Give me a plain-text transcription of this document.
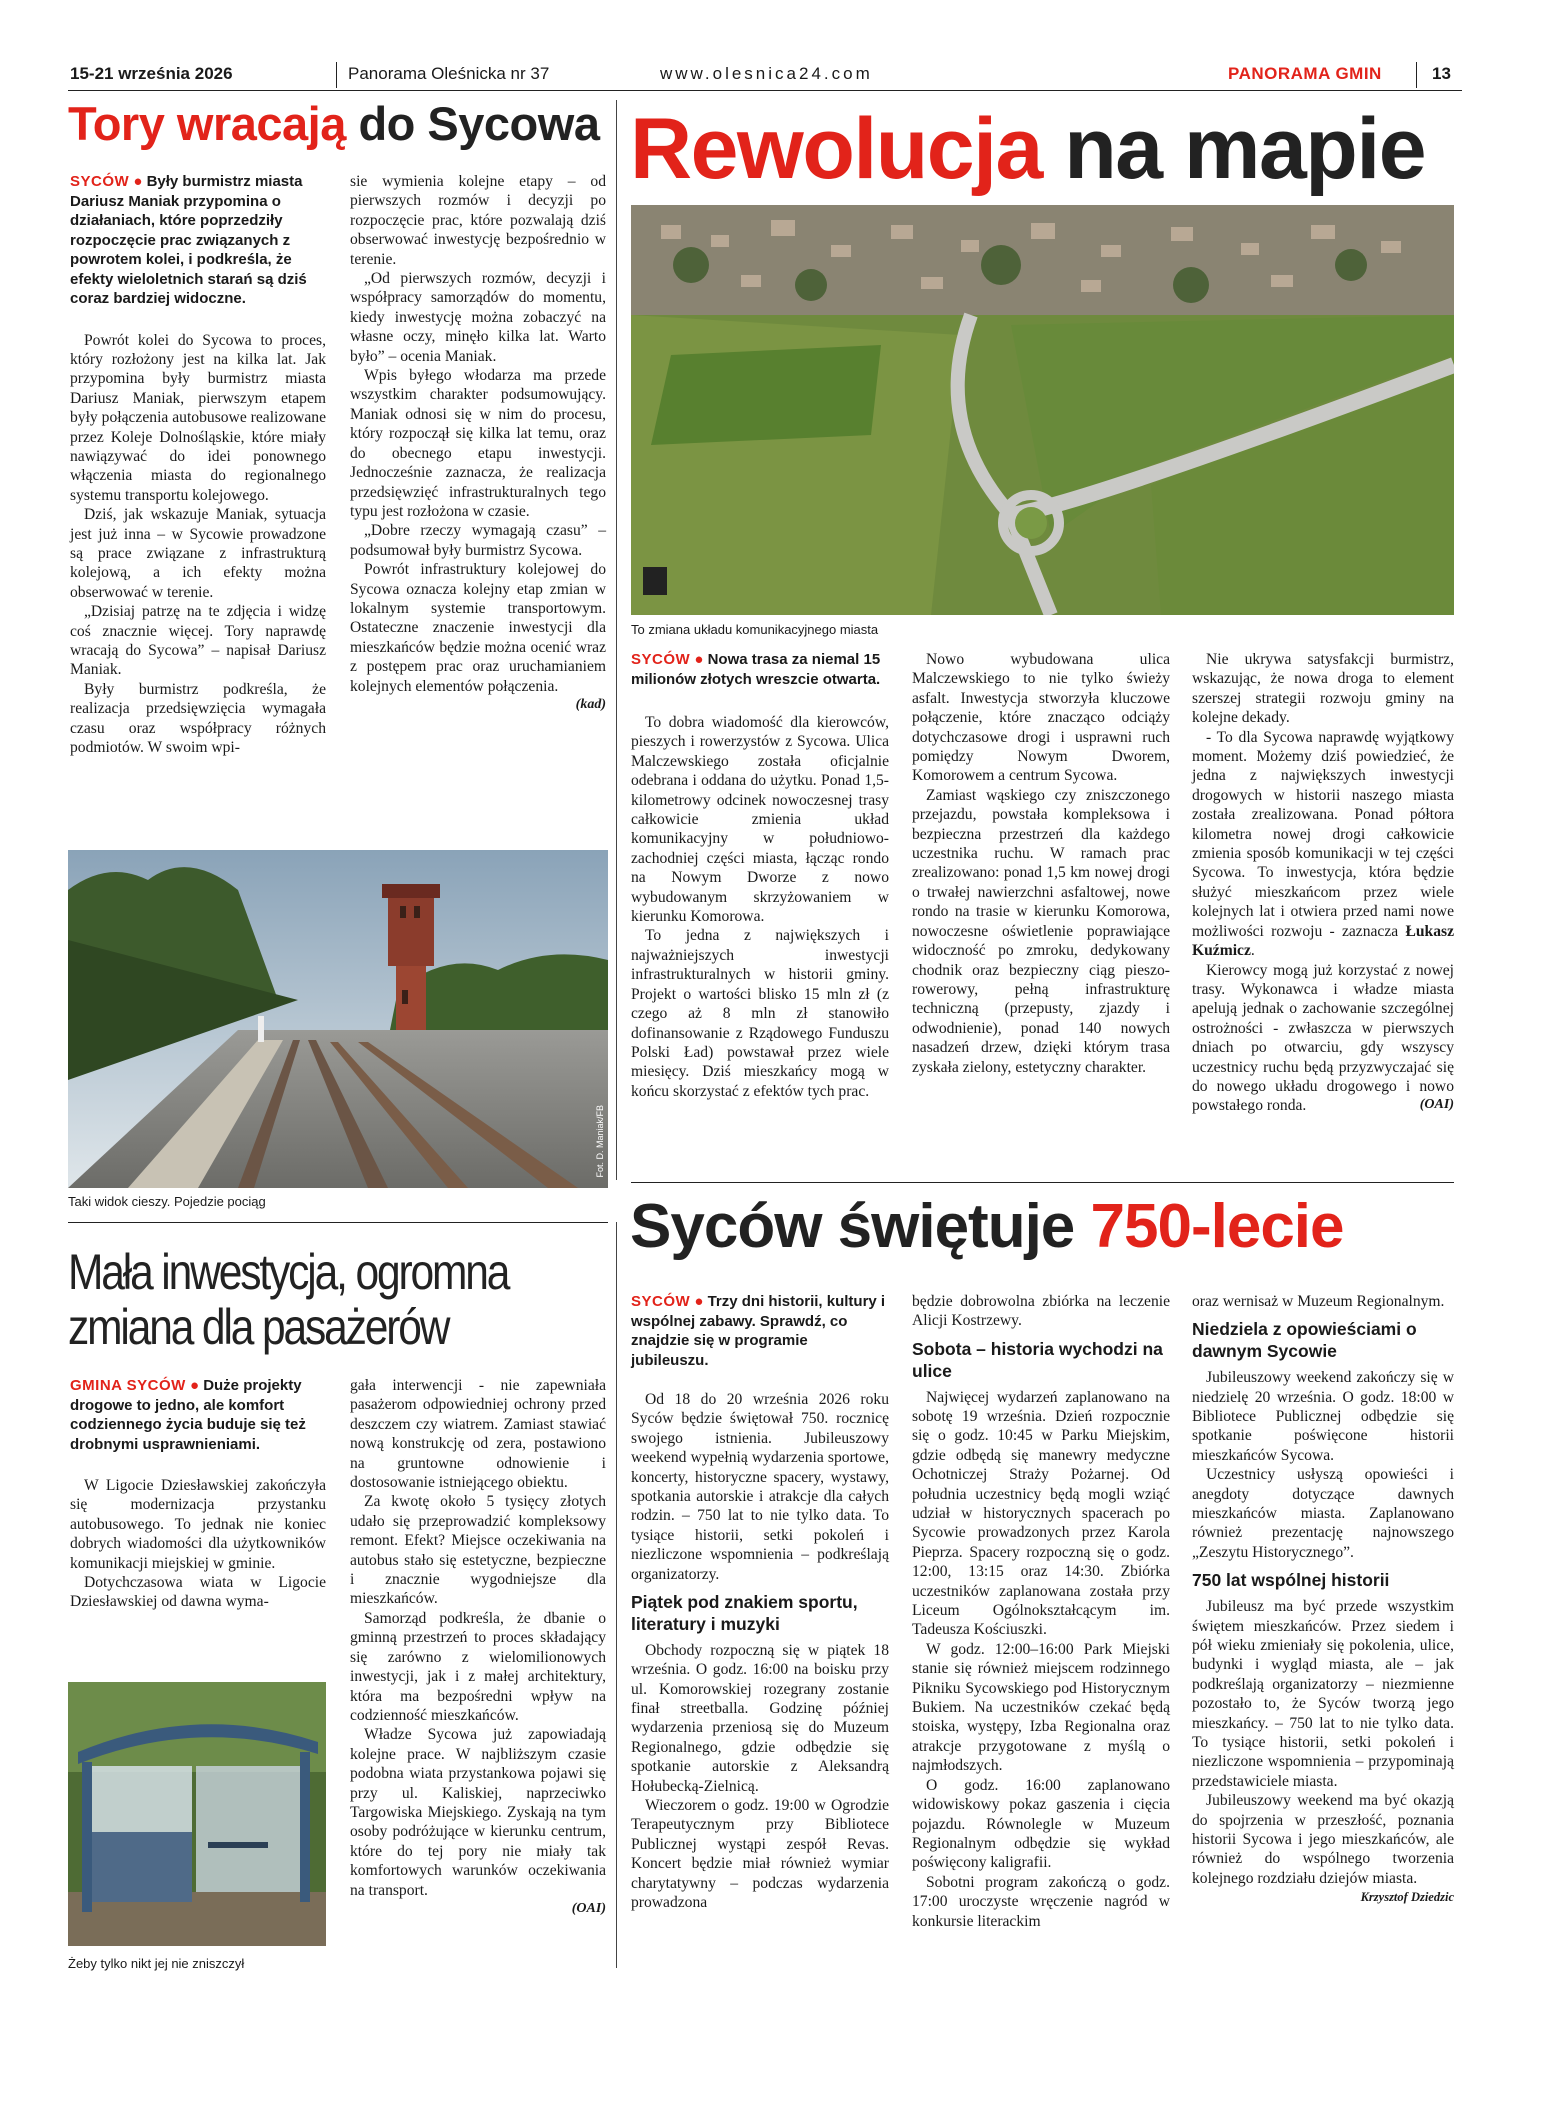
15-21 września 2026	Panorama Oleśnicka nr 37	www.olesnica24.com	PANORAMA GMIN	13
Tory wracają do Sycowa

SYCÓW ● Były burmistrz miasta Dariusz Maniak przypomina o działaniach, które poprzedziły rozpoczęcie prac związanych z powrotem kolei, i podkreśla, że efekty wieloletnich starań są dziś coraz bardziej widoczne.

Powrót kolei do Sycowa to proces, który rozłożony jest na kilka lat. Jak przypomina były burmistrz miasta Dariusz Maniak, pierwszym etapem były połączenia autobusowe realizowane przez Koleje Dolnośląskie, które miały nawiązywać do idei ponownego włączenia miasta do regionalnego systemu transportu kolejowego.

Dziś, jak wskazuje Maniak, sytuacja jest już inna – w Sycowie prowadzone są prace związane z infrastrukturą kolejową, a ich efekty można obserwować w terenie.

„Dzisiaj patrzę na te zdjęcia i widzę coś znacznie więcej. Tory naprawdę wracają do Sycowa” – napisał Dariusz Maniak.

Były burmistrz podkreśla, że realizacja przedsięwzięcia wymagała czasu oraz współpracy różnych podmiotów. W swoim wpi-

sie wymienia kolejne etapy – od pierwszych rozmów i decyzji po rozpoczęcie prac, które pozwalają dziś obserwować inwestycję bezpośrednio w terenie.

„Od pierwszych rozmów, decyzji i współpracy samorządów do momentu, kiedy inwestycję można zobaczyć na własne oczy, minęło kilka lat. Warto było” – ocenia Maniak.

Wpis byłego włodarza ma przede wszystkim charakter podsumowujący. Maniak odnosi się w nim do procesu, który rozpoczął się kilka lat temu, oraz do obecnego etapu inwestycji. Jednocześnie zaznacza, że realizacja przedsięwzięć infrastrukturalnych tego typu jest rozłożona w czasie.

„Dobre rzeczy wymagają czasu” – podsumował były burmistrz Sycowa.

Powrót infrastruktury kolejowej do Sycowa oznacza kolejny etap zmian w lokalnym systemie transportowym. Ostateczne znaczenie inwestycji dla mieszkańców będzie można ocenić wraz z postępem prac oraz uruchamianiem kolejnych elementów połączenia.

(kad)
Fot. D. Maniak/FB
Taki widok cieszy. Pojedzie pociąg
Rewolucja na mapie
To zmiana układu komunikacyjnego miasta

SYCÓW ● Nowa trasa za niemal 15 milionów złotych wreszcie otwarta.

To dobra wiadomość dla kierowców, pieszych i rowerzystów z Sycowa. Ulica Malczewskiego została oficjalnie odebrana i oddana do użytku. Ponad 1,5-kilometrowy odcinek nowoczesnej trasy całkowicie zmienia układ komunikacyjny w południowo-zachodniej części miasta, łącząc rondo na Nowym Dworze z nowo wybudowanym skrzyżowaniem w kierunku Komorowa.

To jedna z największych i najważniejszych inwestycji infrastrukturalnych w historii gminy. Projekt o wartości blisko 15 mln zł (z czego aż 8 mln zł stanowiło dofinansowanie z Rządowego Funduszu Polski Ład) powstawał przez wiele miesięcy. Dziś mieszkańcy mogą w końcu skorzystać z efektów tych prac.

Nowo wybudowana ulica Malczewskiego to nie tylko świeży asfalt. Inwestycja stworzyła kluczowe połączenie, które znacząco odciąży dotychczasowe drogi i usprawni ruch pomiędzy Nowym Dworem, Komorowem a centrum Sycowa.

Zamiast wąskiego czy zniszczonego przejazdu, powstała kompleksowa i bezpieczna przestrzeń dla każdego uczestnika ruchu. W ramach prac zrealizowano: ponad 1,5 km nowej drogi o trwałej nawierzchni asfaltowej, nowe rondo na trasie w kierunku Komorowa, nowoczesne oświetlenie poprawiające widoczność po zmroku, dedykowany chodnik oraz bezpieczny ciąg pieszo-rowerowy, pełną infrastrukturę techniczną (przepusty, zjazdy i odwodnienie), ponad 140 nowych nasadzeń drzew, dzięki którym trasa zyskała zielony, estetyczny charakter.

Nie ukrywa satysfakcji burmistrz, wskazując, że nowa droga to element szerszej strategii rozwoju gminy na kolejne dekady.

- To dla Sycowa naprawdę wyjątkowy moment. Możemy dziś powiedzieć, że jedna z największych inwestycji drogowych w historii naszego miasta została zrealizowana. Ponad półtora kilometra nowej drogi całkowicie zmienia sposób komunikacji w tej części Sycowa. To inwestycja, która będzie służyć mieszkańcom przez wiele kolejnych lat i otwiera przed nami nowe możliwości rozwoju - zaznacza Łukasz Kuźmicz.

Kierowcy mogą już korzystać z nowej trasy. Wykonawca i władze miasta apelują jednak o zachowanie szczególnej ostrożności - zwłaszcza w pierwszych dniach po otwarciu, gdy wszyscy uczestnicy ruchu będą przyzwyczajać się do nowego układu drogowego i nowo powstałego ronda.	(OAI)
Mała inwestycja, ogromna zmiana dla pasażerów

GMINA SYCÓW ● Duże projekty drogowe to jedno, ale komfort codziennego życia buduje się też drobnymi usprawnieniami.

W Ligocie Dziesławskiej zakończyła się modernizacja przystanku autobusowego. To jednak nie koniec dobrych wiadomości dla użytkowników komunikacji miejskiej w gminie.

Dotychczasowa wiata w Ligocie Dziesławskiej od dawna wyma-

gała interwencji - nie zapewniała pasażerom odpowiedniej ochrony przed deszczem czy wiatrem. Zamiast stawiać nową konstrukcję od zera, postawiono na gruntowne odnowienie i dostosowanie istniejącego obiektu.

Za kwotę około 5 tysięcy złotych udało się przeprowadzić kompleksowy remont. Efekt? Miejsce oczekiwania na autobus stało się estetyczne, bezpieczne i znacznie wygodniejsze dla mieszkańców.

Samorząd podkreśla, że dbanie o gminną przestrzeń to proces składający się zarówno z wielomilionowych inwestycji, jak i z małej architektury, która ma bezpośredni wpływ na codzienność mieszkańców.

Władze Sycowa już zapowiadają kolejne prace. W najbliższym czasie podobna wiata przystankowa pojawi się przy ul. Kaliskiej, naprzeciwko Targowiska Miejskiego. Zyskają na tym osoby podróżujące w kierunku centrum, które do tej pory nie miały tak komfortowych warunków oczekiwania na transport.

(OAI)
Żeby tylko nikt jej nie zniszczył
Syców świętuje 750-lecie

SYCÓW ● Trzy dni historii, kultury i wspólnej zabawy. Sprawdź, co znajdzie się w programie jubileuszu.

Od 18 do 20 września 2026 roku Syców będzie świętował 750. rocznicę swojego istnienia. Jubileuszowy weekend wypełnią wydarzenia sportowe, koncerty, historyczne spacery, wystawy, spotkania autorskie i atrakcje dla całych rodzin. – 750 lat to nie tylko data. To tysiące historii, setki pokoleń i niezliczone wspomnienia – podkreślają organizatorzy.

Piątek pod znakiem sportu, literatury i muzyki

Obchody rozpoczną się w piątek 18 września. O godz. 16:00 na boisku przy ul. Komorowskiej rozegrany zostanie finał streetballa. Godzinę później wydarzenia przeniosą się do Muzeum Regionalnego, gdzie odbędzie się spotkanie autorskie z Aleksandrą Hołubecką-Zielnicą.

Wieczorem o godz. 19:00 w Ogrodzie Terapeutycznym przy Bibliotece Publicznej wystąpi zespół Revas. Koncert będzie miał również wymiar charytatywny – podczas wydarzenia prowadzona

będzie dobrowolna zbiórka na leczenie Alicji Kostrzewy.

Sobota – historia wychodzi na ulice

Najwięcej wydarzeń zaplanowano na sobotę 19 września. Dzień rozpocznie się o godz. 10:45 w Parku Miejskim, gdzie odbędą się manewry medyczne Ochotniczej Straży Pożarnej. Od południa uczestnicy będą mogli wziąć udział w historycznych spacerach po Sycowie prowadzonych przez Karola Pieprza. Spacery rozpoczną się o godz. 12:00, 13:15 oraz 14:30. Zbiórka uczestników zaplanowana została przy Liceum Ogólnokształcącym im. Tadeusza Kościuszki.

W godz. 12:00–16:00 Park Miejski stanie się również miejscem rodzinnego Pikniku Sycowskiego pod Historycznym Bukiem. Na uczestników czekać będą stoiska, występy, Izba Regionalna oraz atrakcje przygotowane z myślą o najmłodszych.

O godz. 16:00 zaplanowano widowiskowy pokaz gaszenia i cięcia pojazdu. Równolegle w Muzeum Regionalnym odbędzie się wykład poświęcony kaligrafii.

Sobotni program zakończą o godz. 17:00 uroczyste wręczenie nagród w konkursie literackim

oraz wernisaż w Muzeum Regionalnym.

Niedziela z opowieściami o dawnym Sycowie

Jubileuszowy weekend zakończy się w niedzielę 20 września. O godz. 18:00 w Bibliotece Publicznej odbędzie się spotkanie poświęcone historii mieszkańców Sycowa.

Uczestnicy usłyszą opowieści i anegdoty dotyczące dawnych mieszkańców miasta. Zaplanowano również prezentację najnowszego „Zeszytu Historycznego”.

750 lat wspólnej historii

Jubileusz ma być przede wszystkim świętem mieszkańców. Przez siedem i pół wieku zmieniały się pokolenia, ulice, budynki i wygląd miasta, ale – jak podkreślają organizatorzy – niezmienne pozostało to, że Syców tworzą jego mieszkańcy. – 750 lat to nie tylko data. To tysiące historii, setki pokoleń i niezliczone wspomnienia – przypominają przedstawiciele miasta.

Jubileuszowy weekend ma być okazją do spojrzenia w przeszłość, poznania historii Sycowa i jego mieszkańców, ale również do wspólnego tworzenia kolejnego rozdziału dziejów miasta.

Krzysztof Dziedzic
